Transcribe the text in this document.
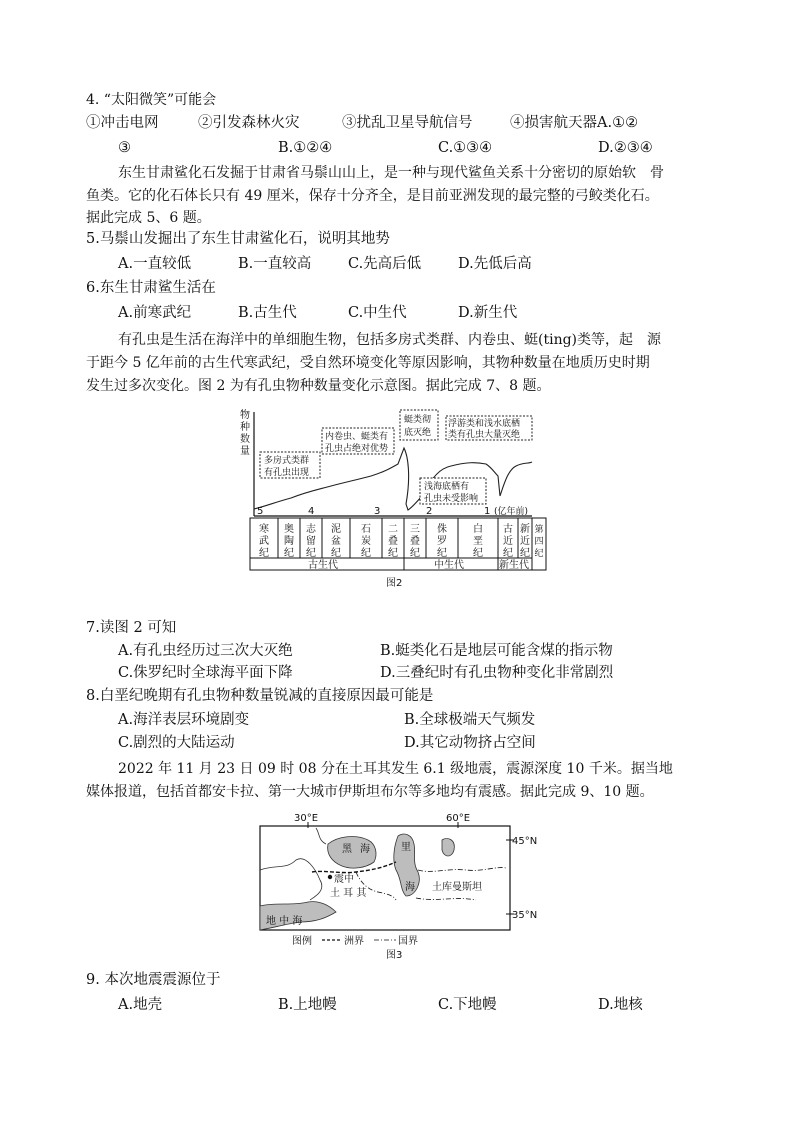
4. “太阳微笑”可能会
①冲击电网	②引发森林火灾	③扰乱卫星导航信号	④损害航天器A.①②
③	B.①②④	C.①③④	D.②③④
东生甘肃鲨化石发掘于甘肃省马鬃山山上，是一种与现代鲨鱼关系十分密切的原始软　骨
鱼类。它的化石体长只有 49 厘米，保存十分齐全，是目前亚洲发现的最完整的弓鲛类化石。
据此完成 5、6 题。
5.马鬃山发掘出了东生甘肃鲨化石，说明其地势
A.一直较低	B.一直较高	C.先高后低	D.先低后高
6.东生甘肃鲨生活在
A.前寒武纪	B.古生代	C.中生代	D.新生代
有孔虫是生活在海洋中的单细胞生物，包括多房式类群、内卷虫、蜓(ting)类等，起　源
于距今 5 亿年前的古生代寒武纪，受自然环境变化等原因影响，其物种数量在地质历史时期
发生过多次变化。图 2 为有孔虫物种数量变化示意图。据此完成 7、8 题。
物
种
数
量
5	4	3	2	1 (亿年前)
多房式类群
有孔虫出现
内卷虫、蜓类有
孔虫占绝对优势
蜓类彻
底灭绝
浮游类和浅水底栖
类有孔虫大量灭绝
浅海底栖有
孔虫未受影响
寒武纪
奥陶纪
志留纪
泥盆纪
石炭纪
二叠纪
三叠纪
侏罗纪
白垩纪
古近纪
新近纪
第四纪
古生代	中生代	新生代
图2
7.读图 2 可知
A.有孔虫经历过三次大灭绝	B.蜓类化石是地层可能含煤的指示物
C.侏罗纪时全球海平面下降	D.三叠纪时有孔虫物种变化非常剧烈
8.白垩纪晚期有孔虫物种数量锐减的直接原因最可能是
A.海洋表层环境剧变	B.全球极端天气频发
C.剧烈的大陆运动	D.其它动物挤占空间
2022 年 11 月 23 日 09 时 08 分在土耳其发生 6.1 级地震，震源深度 10 千米。据当地
媒体报道，包括首都安卡拉、第一大城市伊斯坦布尔等多地均有震感。据此完成 9、10 题。
30°E	60°E
45°N
35°N
黑 海	里
海
震中
土 耳 其
土库曼斯坦
地 中 海
图例	洲界	国界
图3
9. 本次地震震源位于
A.地壳	B.上地幔	C.下地幔	D.地核
